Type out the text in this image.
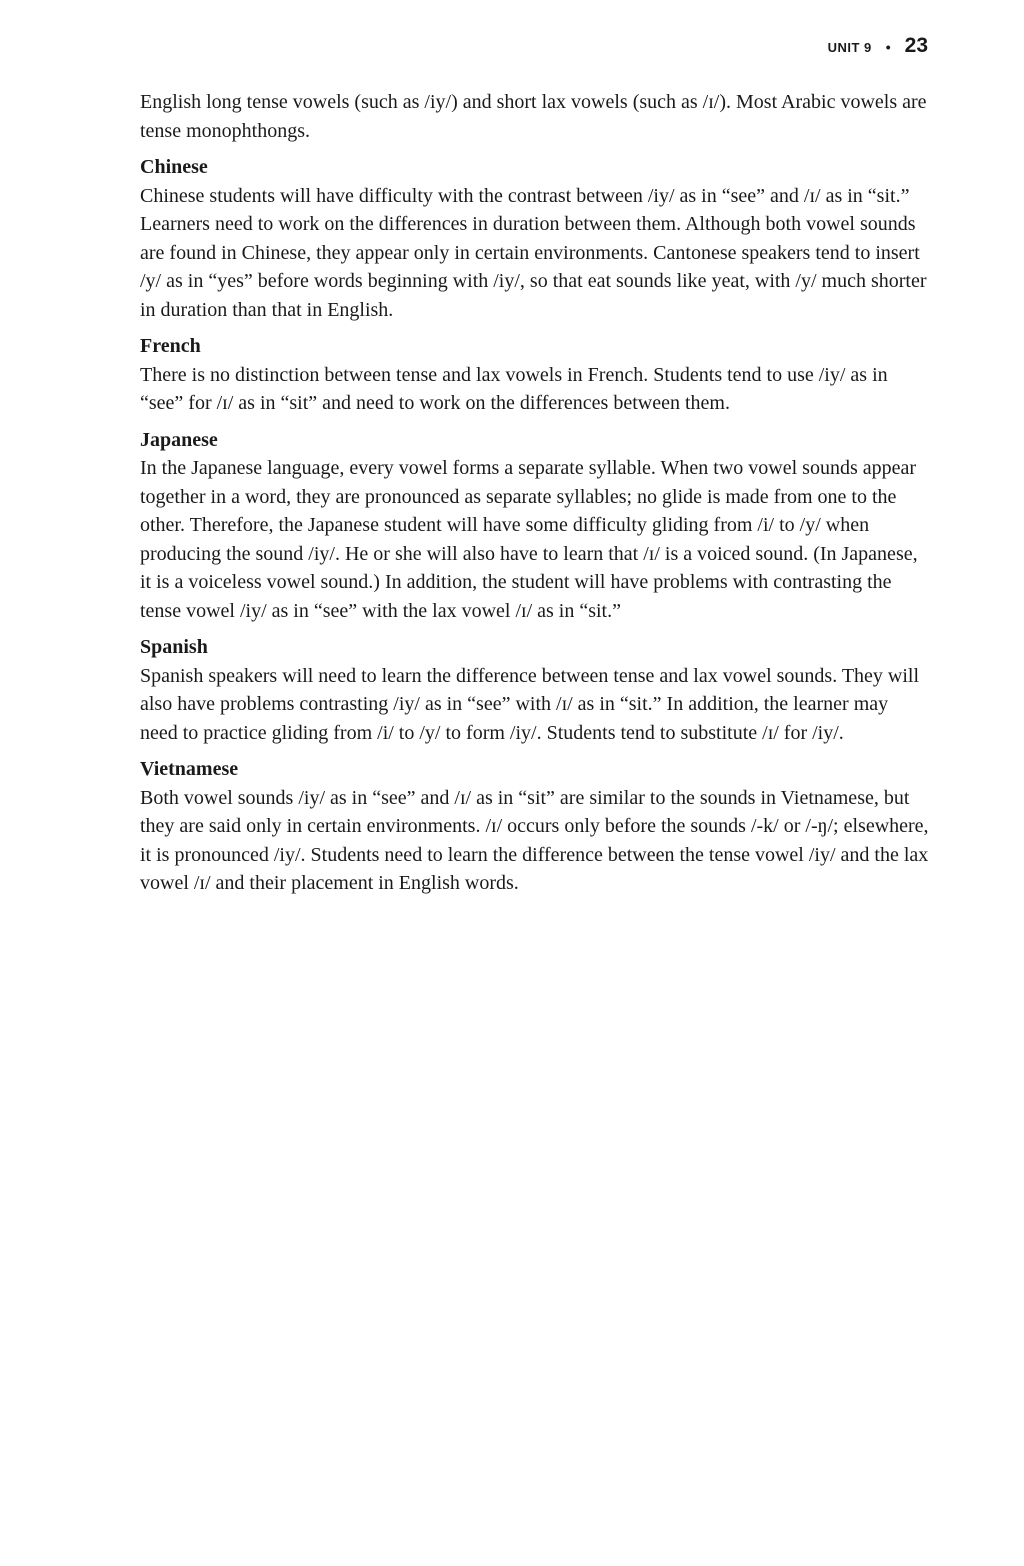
UNIT 9 • 23

English long tense vowels (such as /iy/) and short lax vowels (such as /ɪ/). Most Arabic vowels are tense monophthongs.

Chinese

Chinese students will have difficulty with the contrast between /iy/ as in “see” and /ɪ/ as in “sit.” Learners need to work on the differences in duration between them. Although both vowel sounds are found in Chinese, they appear only in certain environments. Cantonese speakers tend to insert /y/ as in “yes” before words beginning with /iy/, so that eat sounds like yeat, with /y/ much shorter in duration than that in English.

French

There is no distinction between tense and lax vowels in French. Students tend to use /iy/ as in “see” for /ɪ/ as in “sit” and need to work on the differences between them.

Japanese

In the Japanese language, every vowel forms a separate syllable. When two vowel sounds appear together in a word, they are pronounced as separate syllables; no glide is made from one to the other. Therefore, the Japanese student will have some difficulty gliding from /i/ to /y/ when producing the sound /iy/. He or she will also have to learn that /ɪ/ is a voiced sound. (In Japanese, it is a voiceless vowel sound.) In addition, the student will have problems with contrasting the tense vowel /iy/ as in “see” with the lax vowel /ɪ/ as in “sit.”

Spanish

Spanish speakers will need to learn the difference between tense and lax vowel sounds. They will also have problems contrasting /iy/ as in “see” with /ɪ/ as in “sit.” In addition, the learner may need to practice gliding from /i/ to /y/ to form /iy/. Students tend to substitute /ɪ/ for /iy/.

Vietnamese

Both vowel sounds /iy/ as in “see” and /ɪ/ as in “sit” are similar to the sounds in Vietnamese, but they are said only in certain environments. /ɪ/ occurs only before the sounds /-k/ or /-ŋ/; elsewhere, it is pronounced /iy/. Students need to learn the difference between the tense vowel /iy/ and the lax vowel /ɪ/ and their placement in English words.
